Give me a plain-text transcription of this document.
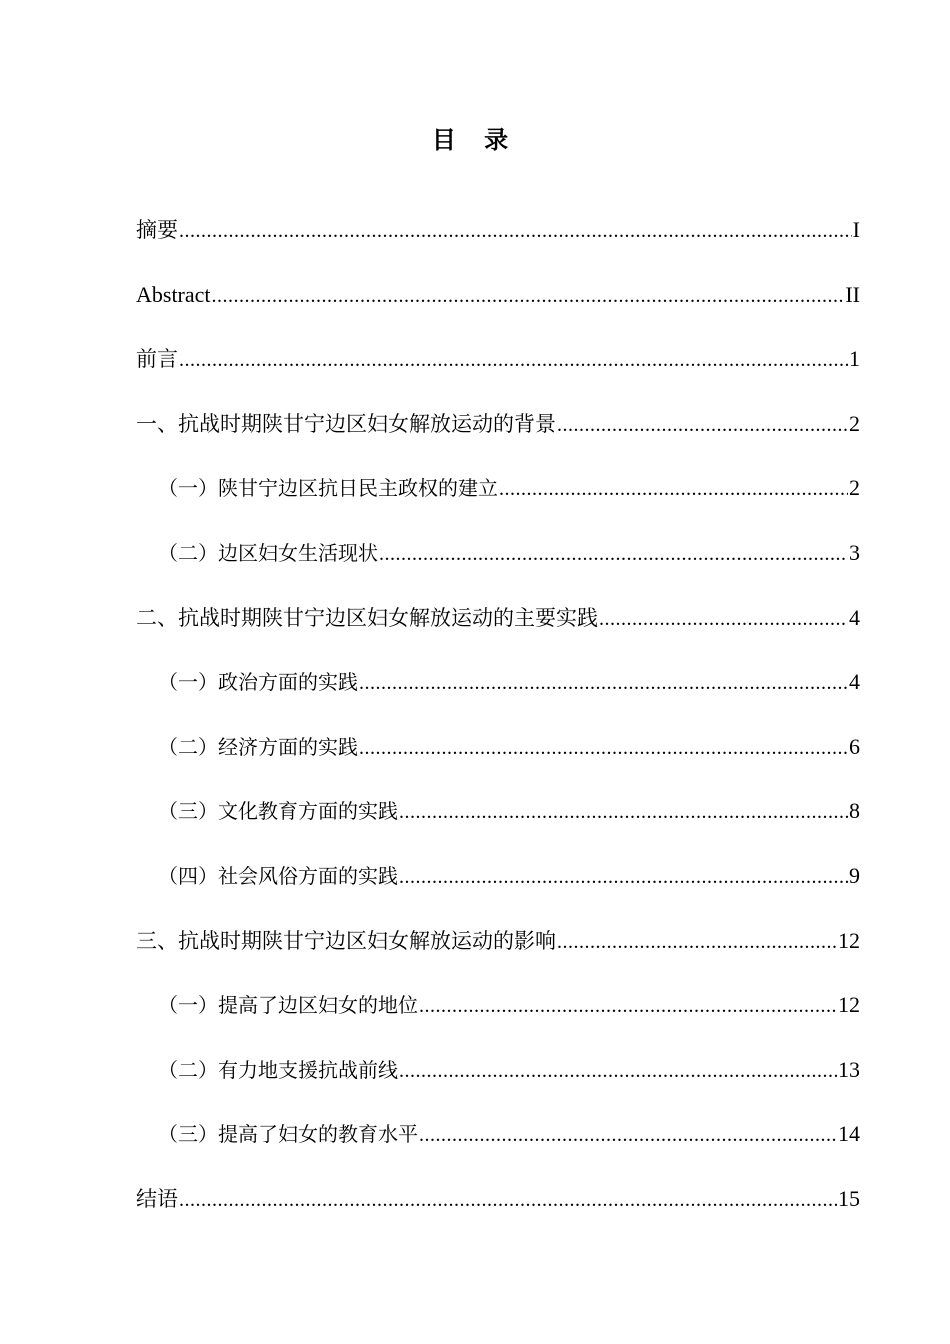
目 录
摘要 .....	I
Abstract .....	II
前言 .....	1
一、抗战时期陕甘宁边区妇女解放运动的背景 .....	2
（一）陕甘宁边区抗日民主政权的建立 .....	2
（二）边区妇女生活现状 .....	3
二、抗战时期陕甘宁边区妇女解放运动的主要实践 .....	4
（一）政治方面的实践 .....	4
（二）经济方面的实践 .....	6
（三）文化教育方面的实践 .....	8
（四）社会风俗方面的实践 .....	9
三、抗战时期陕甘宁边区妇女解放运动的影响 .....	12
（一）提高了边区妇女的地位 .....	12
（二）有力地支援抗战前线 .....	13
（三）提高了妇女的教育水平 .....	14
结语 .....	15
